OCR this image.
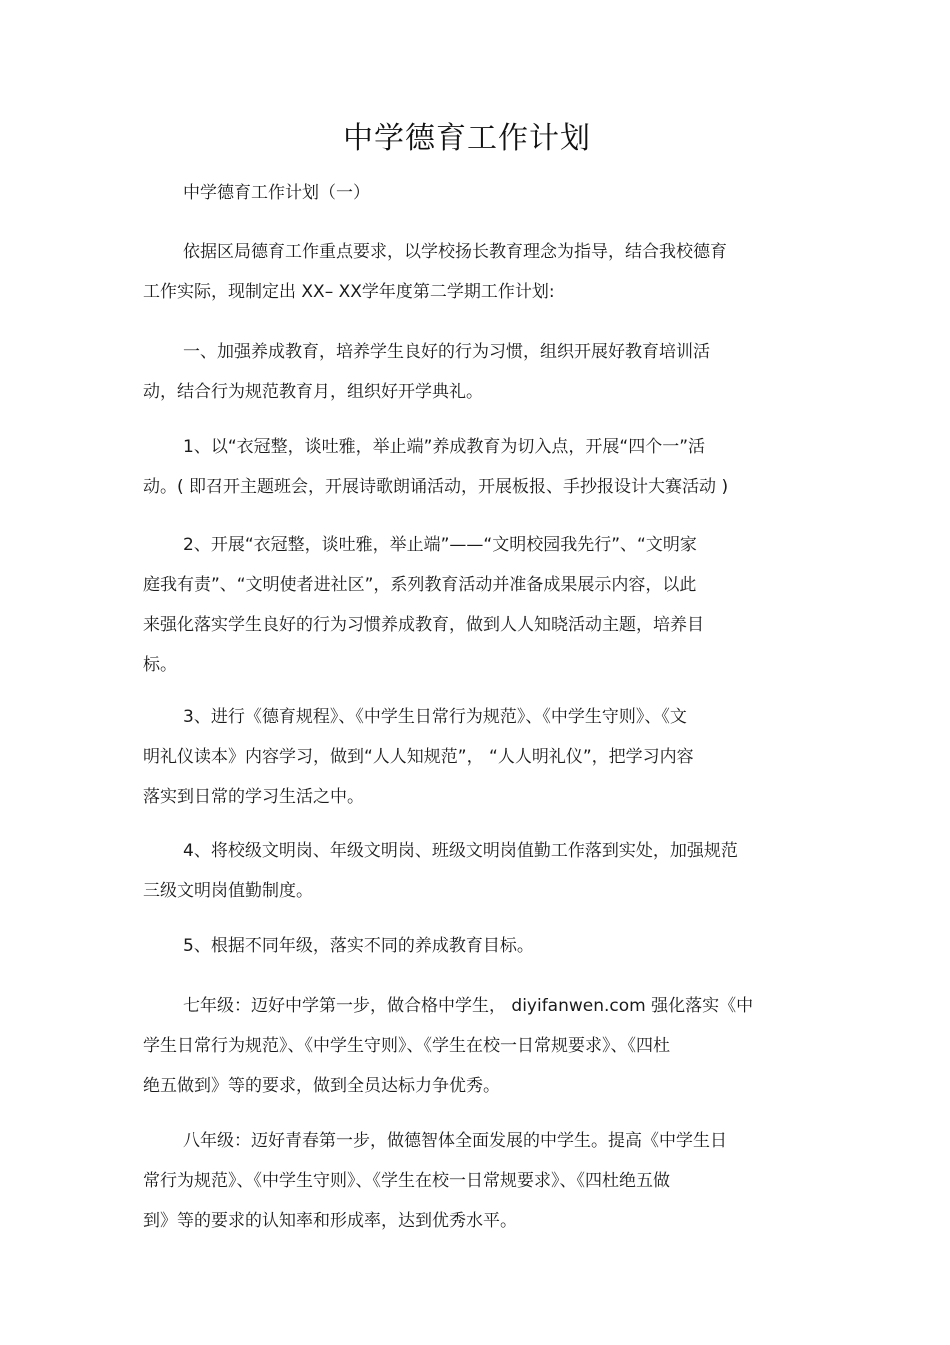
中学德育工作计划
中学德育工作计划（一）
依据区局德育工作重点要求，以学校扬长教育理念为指导，结合我校德育
工作实际，现制定出 XX– XX学年度第二学期工作计划:
一、加强养成教育，培养学生良好的行为习惯，组织开展好教育培训活
动，结合行为规范教育月，组织好开学典礼。
1、以“衣冠整，谈吐雅，举止端”养成教育为切入点，开展“四个一”活
动。( 即召开主题班会，开展诗歌朗诵活动，开展板报、手抄报设计大赛活动 )
2、开展“衣冠整，谈吐雅，举止端”——“文明校园我先行”、“文明家
庭我有责”、“文明使者进社区”，系列教育活动并准备成果展示内容，以此
来强化落实学生良好的行为习惯养成教育，做到人人知晓活动主题，培养目
标。
3、进行《德育规程》、《中学生日常行为规范》、《中学生守则》、《文
明礼仪读本》内容学习，做到“人人知规范”， “人人明礼仪”，把学习内容
落实到日常的学习生活之中。
4、将校级文明岗、年级文明岗、班级文明岗值勤工作落到实处，加强规范
三级文明岗值勤制度。
5、根据不同年级，落实不同的养成教育目标。
七年级：迈好中学第一步，做合格中学生， diyifanwen.com 强化落实《中
学生日常行为规范》、《中学生守则》、《学生在校一日常规要求》、《四杜
绝五做到》等的要求，做到全员达标力争优秀。
八年级：迈好青春第一步，做德智体全面发展的中学生。提高《中学生日
常行为规范》、《中学生守则》、《学生在校一日常规要求》、《四杜绝五做
到》等的要求的认知率和形成率，达到优秀水平。
